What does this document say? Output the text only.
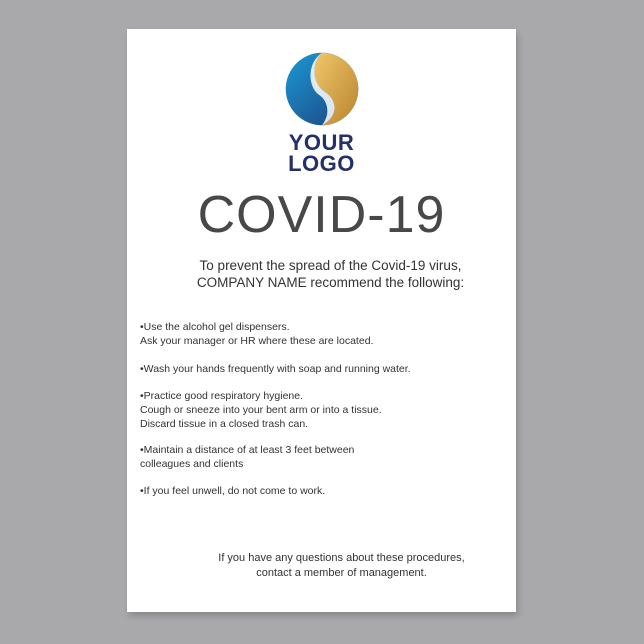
YOUR
LOGO
COVID-19
To prevent the spread of the Covid-19 virus,
COMPANY NAME recommend the following:
•Use the alcohol gel dispensers.
Ask your manager or HR where these are located.
•Wash your hands frequently with soap and running water.
•Practice good respiratory hygiene.
Cough or sneeze into your bent arm or into a tissue.
Discard tissue in a closed trash can.
•Maintain a distance of at least 3 feet between
colleagues and clients
•If you feel unwell, do not come to work.
If you have any questions about these procedures,
contact a member of management.
